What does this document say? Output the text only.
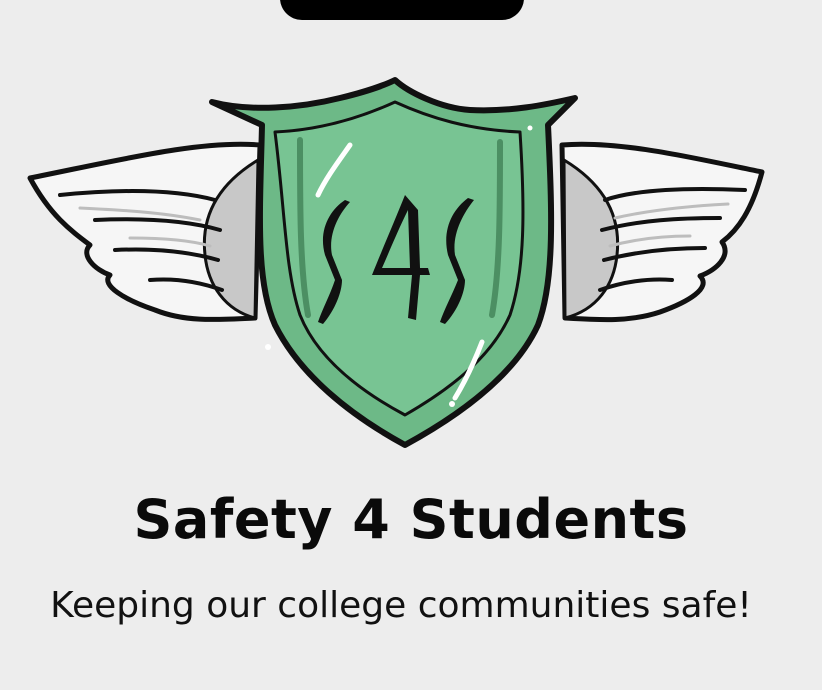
Safety 4 Students
Keeping our college communities safe!
